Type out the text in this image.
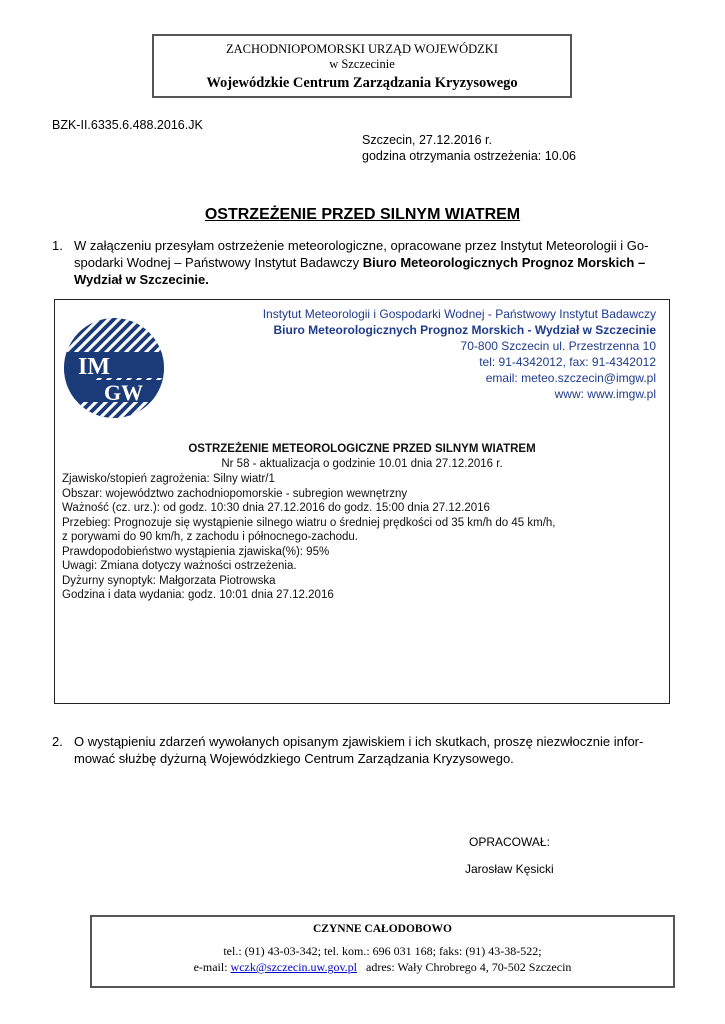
ZACHODNIOPOMORSKI URZĄD WOJEWÓDZKI
w Szczecinie
Wojewódzkie Centrum Zarządzania Kryzysowego
BZK-II.6335.6.488.2016.JK
Szczecin, 27.12.2016 r.
godzina otrzymania ostrzeżenia: 10.06
OSTRZEŻENIE PRZED SILNYM WIATREM
1. W załączeniu przesyłam ostrzeżenie meteorologiczne, opracowane przez Instytut Meteorologii i Go-
spodarki Wodnej – Państwowy Instytut Badawczy Biuro Meteorologicznych Prognoz Morskich –
Wydział w Szczecinie.
IM
GW
Instytut Meteorologii i Gospodarki Wodnej - Państwowy Instytut Badawczy
Biuro Meteorologicznych Prognoz Morskich - Wydział w Szczecinie
70-800 Szczecin ul. Przestrzenna 10
tel: 91-4342012, fax: 91-4342012
email: meteo.szczecin@imgw.pl
www: www.imgw.pl
OSTRZEŻENIE METEOROLOGICZNE PRZED SILNYM WIATREM
Nr 58 - aktualizacja o godzinie 10.01 dnia 27.12.2016 r.
Zjawisko/stopień zagrożenia: Silny wiatr/1
Obszar: województwo zachodniopomorskie - subregion wewnętrzny
Ważność (cz. urz.): od godz. 10:30 dnia 27.12.2016 do godz. 15:00 dnia 27.12.2016
Przebieg: Prognozuje się wystąpienie silnego wiatru o średniej prędkości od 35 km/h do 45 km/h,
z porywami do 90 km/h, z zachodu i północnego-zachodu.
Prawdopodobieństwo wystąpienia zjawiska(%): 95%
Uwagi: Zmiana dotyczy ważności ostrzeżenia.
Dyżurny synoptyk: Małgorzata Piotrowska
Godzina i data wydania: godz. 10:01 dnia 27.12.2016
2. O wystąpieniu zdarzeń wywołanych opisanym zjawiskiem i ich skutkach, proszę niezwłocznie infor-
mować służbę dyżurną Wojewódzkiego Centrum Zarządzania Kryzysowego.
OPRACOWAŁ:
Jarosław Kęsicki
CZYNNE CAŁODOBOWO
tel.: (91) 43-03-342; tel. kom.: 696 031 168; faks: (91) 43-38-522;
e-mail: wczk@szczecin.uw.gov.pl   adres: Wały Chrobrego 4, 70-502 Szczecin
